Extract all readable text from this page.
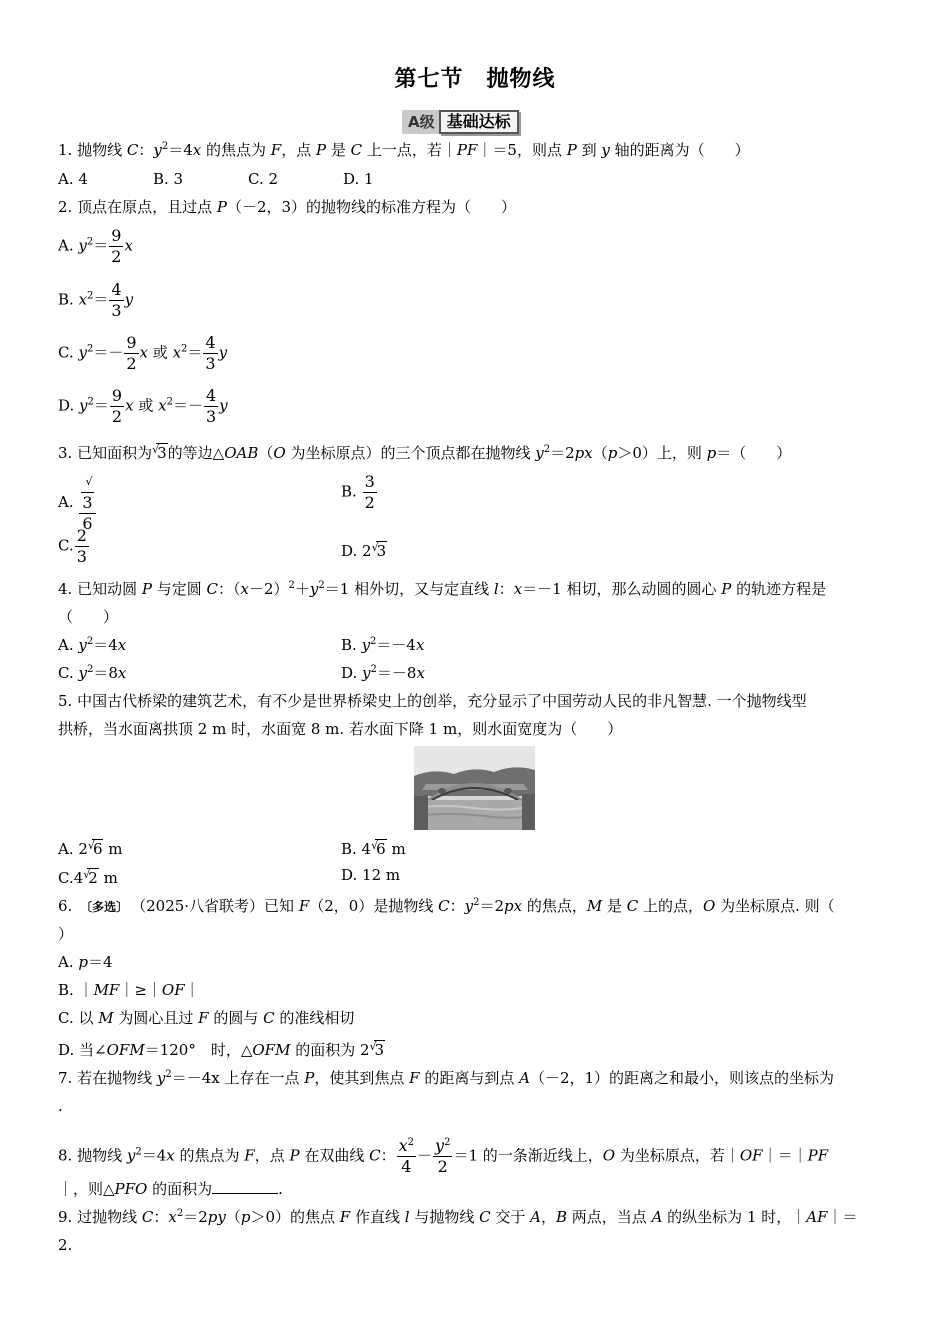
第七节　抛物线
A级 基础达标
1. 抛物线 C：$y^2=4x$ 的焦点为 F，点 P 是 C 上一点，若｜PF｜＝5，则点 P 到 y 轴的距离为（　　）
A. 4	B. 3	C. 2	D. 1
2. 顶点在原点，且过点 P（－2，3）的抛物线的标准方程为（　　）
A. $y^2= \frac{9}{2}$ x
B. $x^2= \frac{4}{3}$ y
C. $y^2=- \frac{9}{2}$ x 或 $x^2= \frac{4}{3}$ y
D. $y^2= \frac{9}{2}$ x 或 $x^2=- \frac{4}{3}$ y
3. 已知面积为√3的等边△OAB（O 为坐标原点）的三个顶点都在抛物线 $y^2=2px(p>0)$上，则 p＝（　　）
A. √
3
6	B. $\frac{3}{2}$
C. $\frac{2}{3}$	D. 2√3
4. 已知动圆 P 与定圆 C：$(x-2)^2+y^2=1$ 相外切，又与定直线 l：x＝－1 相切，那么动圆的圆心 P 的轨迹方程是
（　　）
A. $y^2=4x$	B. $y^2=-4x$
C. $y^2=8x$	D. $y^2=-8x$
5. 中国古代桥梁的建筑艺术，有不少是世界桥梁史上的创举，充分显示了中国劳动人民的非凡智慧. 一个抛物线型
拱桥，当水面离拱顶 2 m 时，水面宽 8 m. 若水面下降 1 m，则水面宽度为（　　）
A. 2√6 m	B. 4√6 m
C.4√2 m	D. 12 m
6. 〔多选〕 （2025·八省联考）已知 F（2，0）是抛物线 C：$y^2=2px$ 的焦点，M 是 C 上的点，O 为坐标原点. 则（
）
A. p＝4
B. ｜MF｜≥｜OF｜
C. 以 M 为圆心且过 F 的圆与 C 的准线相切
D. 当∠OFM＝120°　时，△OFM 的面积为 2√3
7. 若在抛物线 $y^2=-4x$ 上存在一点 P，使其到焦点 F 的距离与到点 A（－2，1）的距离之和最小，则该点的坐标为
.
8. 抛物线 $y^2=4x$ 的焦点为 F，点 P 在双曲线 C： $\frac{x^2}{4} - \frac{y^2}{2} =1$ 的一条渐近线上，O 为坐标原点，若｜OF｜＝｜PF
｜，则△PFO 的面积为	.
9. 过抛物线 C：$x^2=2py(p>0)$的焦点 F 作直线 l 与抛物线 C 交于 A，B 两点，当点 A 的纵坐标为 1 时，｜AF｜＝
2.
